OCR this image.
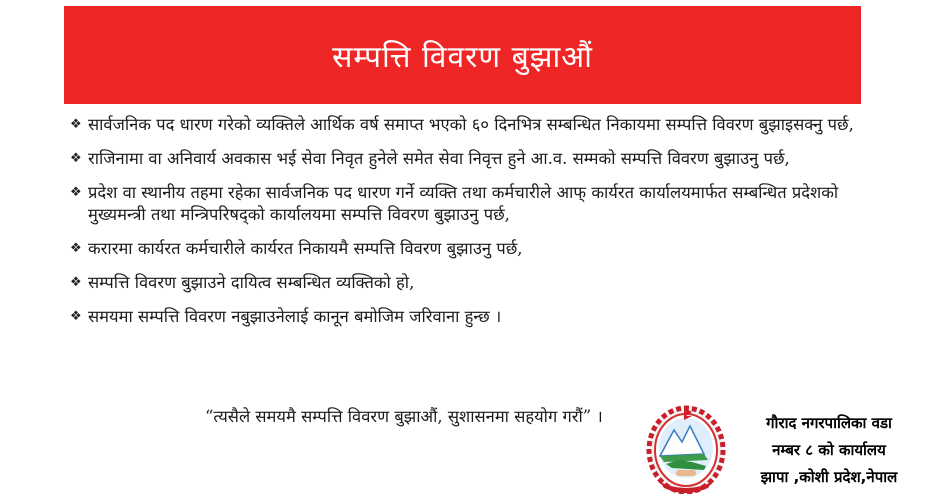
सम्पत्ति विवरण बुझाऔं
❖ सार्वजनिक पद धारण गरेको व्यक्तिले आर्थिक वर्ष समाप्त भएको ६० दिनभित्र सम्बन्धित निकायमा सम्पत्ति विवरण बुझाइसक्नु पर्छ,
❖ राजिनामा वा अनिवार्य अवकास भई सेवा निवृत हुनेले समेत सेवा निवृत्त हुने आ.व. सम्मको सम्पत्ति विवरण बुझाउनु पर्छ,
❖ प्रदेश वा स्थानीय तहमा रहेका सार्वजनिक पद धारण गर्ने व्यक्ति तथा कर्मचारीले आफ्‌ कार्यरत कार्यालयमार्फत सम्बन्धित प्रदेशको मुख्यमन्त्री तथा मन्त्रिपरिषद्‌को कार्यालयमा सम्पत्ति विवरण बुझाउनु पर्छ,
❖ करारमा कार्यरत कर्मचारीले कार्यरत निकायमै सम्पत्ति विवरण बुझाउनु पर्छ,
❖ सम्पत्ति विवरण बुझाउने दायित्व सम्बन्धित व्यक्तिको हो,
❖ समयमा सम्पत्ति विवरण नबुझाउनेलाई कानून बमोजिम जरिवाना हुन्छ ।
“त्यसैले समयमै सम्पत्ति विवरण बुझाऔं, सुशासनमा सहयोग गरौं” ।	गौराद नगरपालिका वडा
नम्बर ८ को कार्यालय
झापा ,कोशी प्रदेश,नेपाल
